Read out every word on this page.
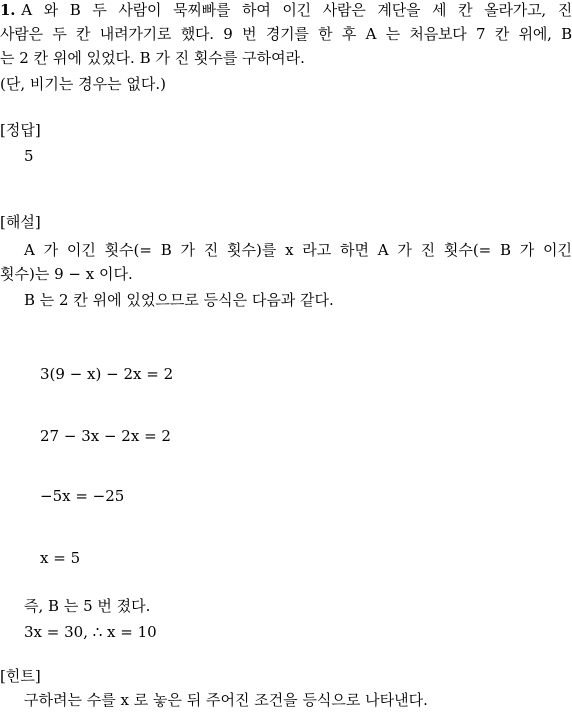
1. A 와 B 두 사람이 묵찌빠를 하여 이긴 사람은 계단을 세 칸 올라가고, 진
사람은 두 칸 내려가기로 했다. 9 번 경기를 한 후 A 는 처음보다 7 칸 위에, B
는 2 칸 위에 있었다. B 가 진 횟수를 구하여라.
(단, 비기는 경우는 없다.)
[정답]
5
[해설]
A 가 이긴 횟수(= B 가 진 횟수)를 x 라고 하면 A 가 진 횟수(= B 가 이긴
횟수)는 9 − x 이다.
B 는 2 칸 위에 있었으므로 등식은 다음과 같다.
3(9 − x) − 2x = 2
27 − 3x − 2x = 2
−5x = −25
x = 5
즉, B 는 5 번 졌다.
3x = 30, ∴ x = 10
[힌트]
구하려는 수를 x 로 놓은 뒤 주어진 조건을 등식으로 나타낸다.
